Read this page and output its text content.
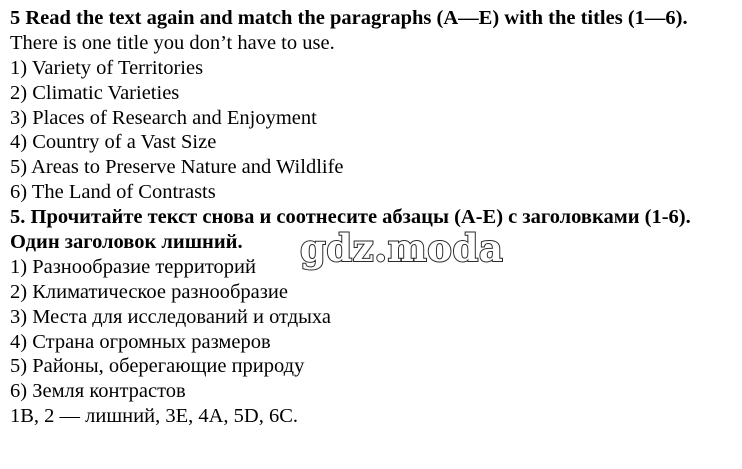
5 Read the text again and match the paragraphs (A—E) with the titles (1—6).
There is one title you don’t have to use.
1) Variety of Territories
2) Climatic Varieties
3) Places of Research and Enjoyment
4) Country of a Vast Size
5) Areas to Preserve Nature and Wildlife
6) The Land of Contrasts
5. Прочитайте текст снова и соотнесите абзацы (А-Е) с заголовками (1-6).
Один заголовок лишний.
1) Разнообразие территорий
2) Климатическое разнообразие
3) Места для исследований и отдыха
4) Страна огромных размеров
5) Районы, оберегающие природу
6) Земля контрастов
1B, 2 — лишний, 3E, 4A, 5D, 6C.
gdz.moda
